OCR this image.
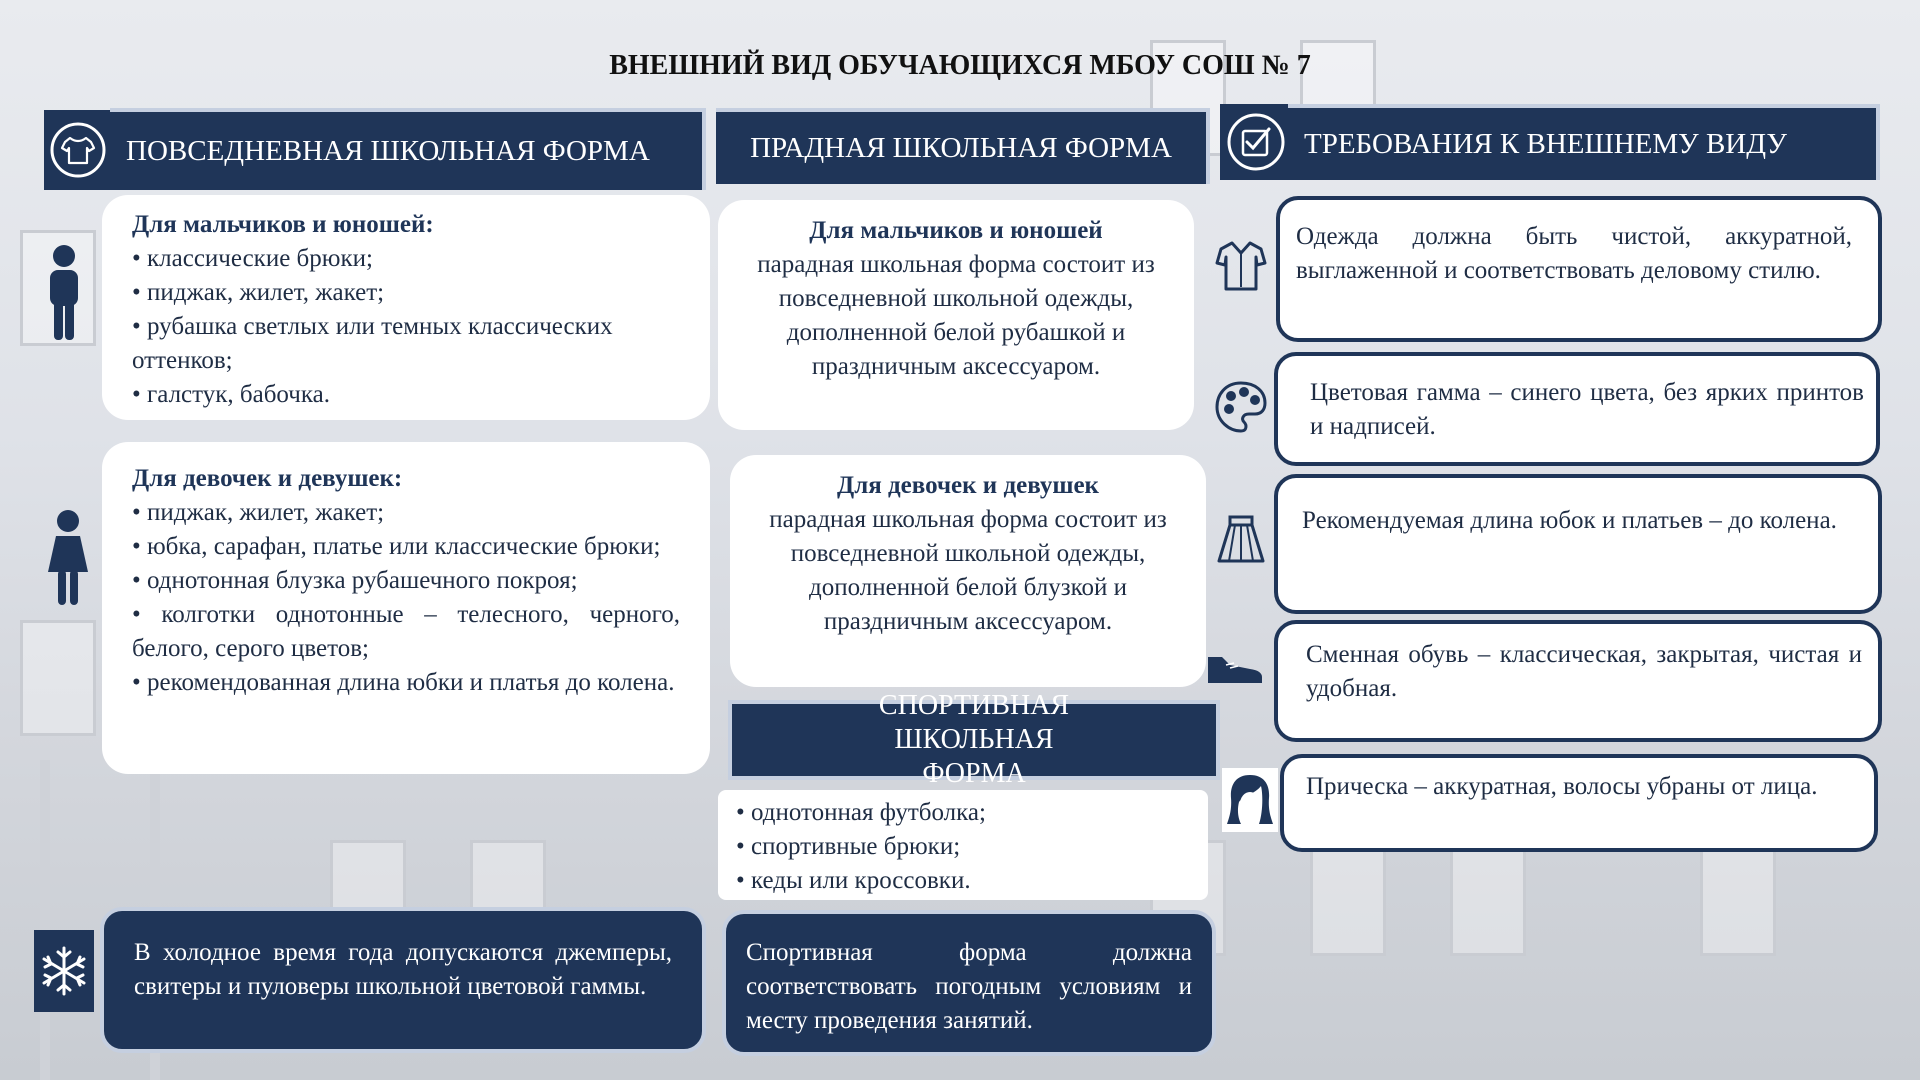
ВНЕШНИЙ ВИД ОБУЧАЮЩИХСЯ МБОУ СОШ № 7
ПОВСЕДНЕВНАЯ ШКОЛЬНАЯ ФОРМА
Для мальчиков и юношей:
• классические брюки;
• пиджак, жилет, жакет;
• рубашка светлых или темных классических оттенков;
• галстук, бабочка.
Для девочек и девушек:
• пиджак, жилет, жакет;
• юбка, сарафан, платье или классические брюки;
• однотонная блузка рубашечного покроя;
• колготки однотонные – телесного, черного, белого, серого цветов;
• рекомендованная длина юбки и платья до колена.
В холодное время года допускаются джемперы, свитеры и пуловеры школьной цветовой гаммы.
ПРАДНАЯ ШКОЛЬНАЯ ФОРМА
Для мальчиков и юношей
парадная школьная форма состоит из повседневной школьной одежды, дополненной белой рубашкой и праздничным аксессуаром.
Для девочек и девушек
парадная школьная форма состоит из повседневной школьной одежды, дополненной белой блузкой и праздничным аксессуаром.
СПОРТИВНАЯ ШКОЛЬНАЯ ФОРМА
• однотонная футболка;
• спортивные брюки;
• кеды или кроссовки.
Спортивная форма должна соответствовать погодным условиям и месту проведения занятий.
ТРЕБОВАНИЯ К ВНЕШНЕМУ ВИДУ
Одежда должна быть чистой, аккуратной, выглаженной и соответствовать деловому стилю.
Цветовая гамма – синего цвета, без ярких принтов и надписей.
Рекомендуемая длина юбок и платьев – до колена.
Сменная обувь – классическая, закрытая, чистая и удобная.
Прическа – аккуратная, волосы убраны от лица.
